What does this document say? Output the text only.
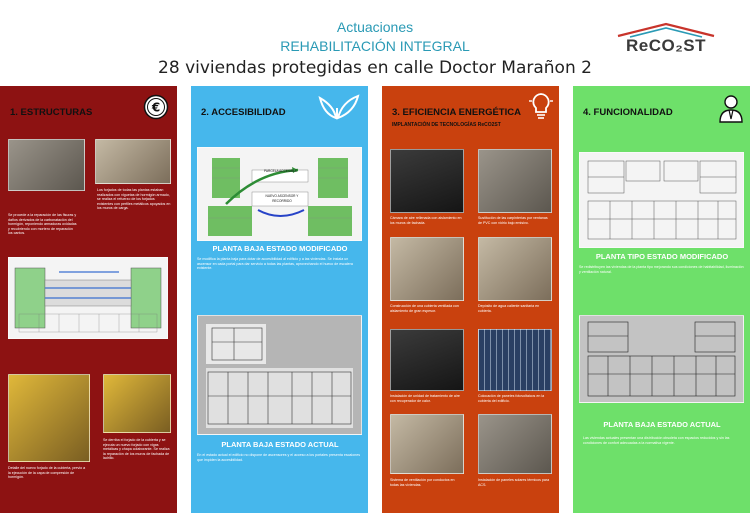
Actuaciones
REHABILITACIÓN INTEGRAL
28 viviendas protegidas en calle Doctor Marañon 2
ReCO₂ST
1. ESTRUCTURAS	€
Se procede a la reparación de las fisuras y daños derivados de la carbonatación del hormigón, reponiendo armaduras oxidadas y recubriendo con mortero de reparación los cantos.
Los forjados de todas las plantas estaban realizados con viguetas de hormigón armado, se realiza el refuerzo de los forjados existentes con perfiles metálicos apoyados en los muros de carga.
Se derriba el forjado de la cubierta y se ejecuta un nuevo forjado con vigas metálicas y chapa colaborante. Se realiza la reparación de los muros de fachada de ladrillo.
Detalle del nuevo forjado de la cubierta, previo a la ejecución de la capa de compresión de hormigón.
2. ACCESIBILIDAD
PARCELA ACCESIBLE
NUEVO ASCENSOR Y RECORRIDO
PLANTA BAJA ESTADO MODIFICADO
Se modifica la planta baja para dotar de accesibilidad al edificio y a las viviendas. Se instala un ascensor en cada portal para dar servicio a todas las plantas, aprovechando el hueco de escalera existente.
PLANTA BAJA ESTADO ACTUAL
En el estado actual el edificio no dispone de ascensores y el acceso a los portales presenta escalones que impiden la accesibilidad.
3. EFICIENCIA ENERGÉTICA
IMPLANTACIÓN DE TECNOLOGÍAS ReCO2ST
Cámara de aire rellenada con aislamiento en los muros de fachada.
Sustitución de las carpinterías por ventanas de PVC con vidrio bajo emisivo.
Construcción de una cubierta ventilada con aislamiento de gran espesor.
Depósito de agua caliente sanitaria en cubierta.
Instalación de unidad de tratamiento de aire con recuperador de calor.
Colocación de paneles fotovoltaicos en la cubierta del edificio.
Sistema de ventilación por conductos en todas las viviendas.
Instalación de paneles solares térmicos para ACS.
4. FUNCIONALIDAD
PLANTA TIPO ESTADO MODIFICADO
Se redistribuyen las viviendas de la planta tipo mejorando sus condiciones de habitabilidad, iluminación y ventilación natural.
PLANTA BAJA ESTADO ACTUAL
Las viviendas actuales presentan una distribución obsoleta con espacios reducidos y sin las condiciones de confort adecuadas a la normativa vigente.
